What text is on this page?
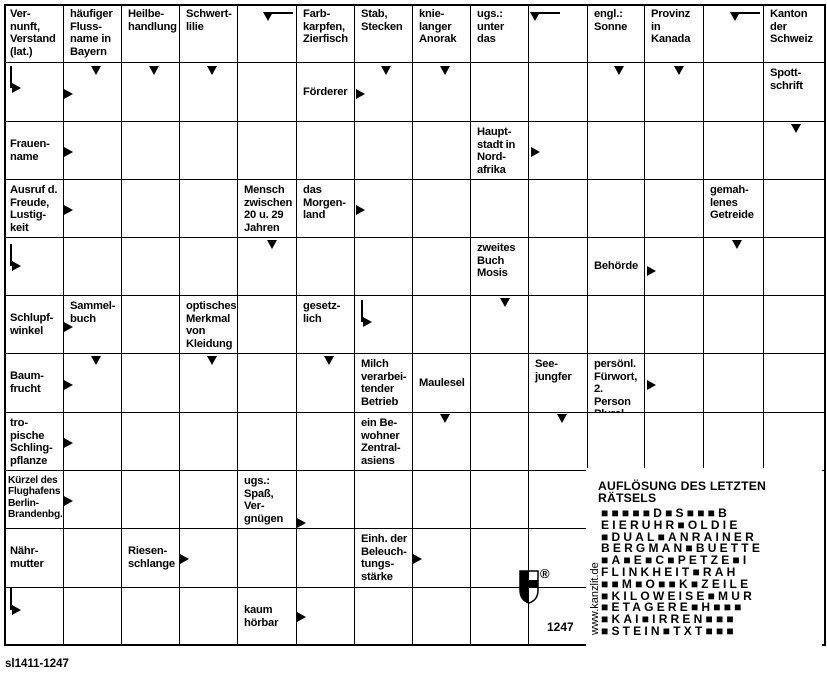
Ver-
nunft,
Verstand
(lat.)
häufiger
Fluss-
name in
Bayern
Heilbe-
handlung
Schwert-
lilie
Farb-
karpfen,
Zierfisch
Stab,
Stecken
knie-
langer
Anorak
ugs.:
unter
das
engl.:
Sonne
Provinz
in
Kanada
Kanton
der
Schweiz
Förderer
Spott-
schrift
Frauen-
name
Haupt-
stadt in
Nord-
afrika
Ausruf d.
Freude,
Lustig-
keit
Mensch
zwischen
20 u. 29
Jahren
das
Morgen-
land
gemah-
lenes
Getreide
zweites
Buch
Mosis
Behörde
Schlupf-
winkel
Sammel-
buch
optisches
Merkmal
von
Kleidung
gesetz-
lich
Baum-
frucht
Milch
verarbei-
tender
Betrieb
Maulesel
See-
jungfer
persönl.
Fürwort,
2. Person

tro-
pische
Schling-
pflanze
ein Be-
wohner
Zentral-
asiens
Kürzel des
Flughafens
Berlin-
Brandenbg.
ugs.:
Spaß,
Ver-
gnügen
Nähr-
mutter
Riesen-
schlange
Einh. der
Beleuch-
tungs-
stärke
kaum
hörbar
AUFLÖSUNG DES LETZTEN
RÄTSELS
■■■■■D■S■■■B
EIERUHR■OLDIE
■DUAL■ANRAINER
BERGMAN■BUETTE
■A■E■C■PETZE■I
FLINKHEIT■RAH
■■M■O■■K■ZEILE
■KILOWEISE■MUR
■ETAGERE■H■■■
■KAI■IRREN■■■
■STEIN■TXT■■■
®	www.kanzlit.de
1247
sl1411-1247
